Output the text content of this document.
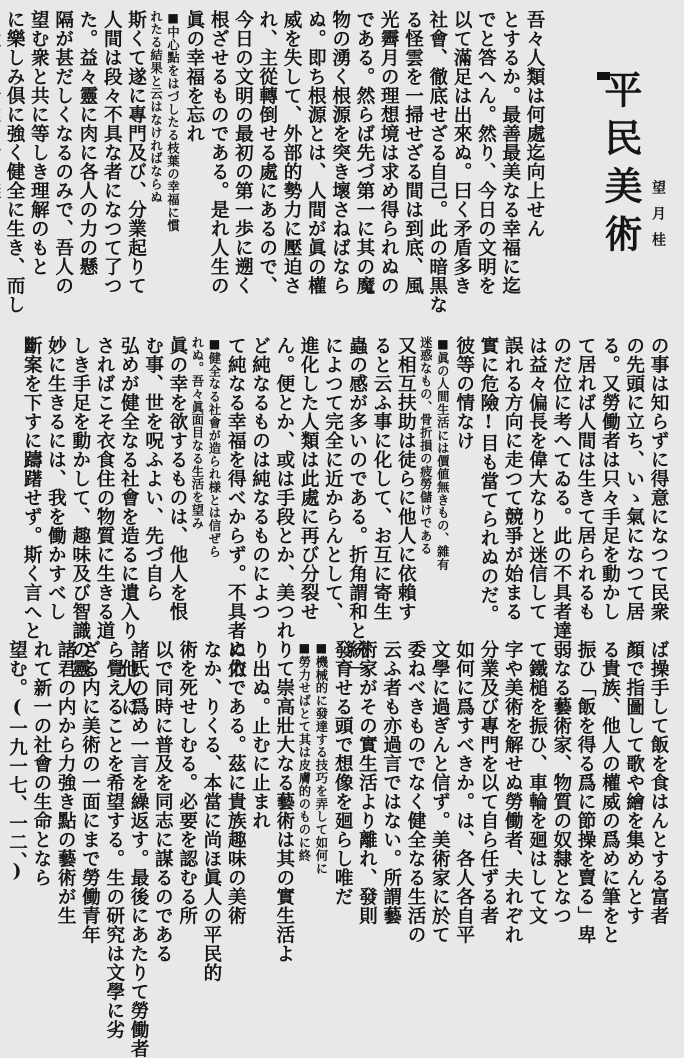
平民美術 望月桂
吾々人類は何處迄向上せん
とするか。最善最美なる幸福に迄
でと答へん。然り、今日の文明を
以て滿足は出來ぬ。曰く矛盾多き
社會、徹底せざる自己。此の暗黒な
る怪雲を一掃せざる間は到底、風
光霽月の理想境は求め得られぬの
である。然らば先づ第一に其の魔
物の湧く根源を突き壞さねばなら
ぬ。即ち根源とは、人間が眞の權
威を失して、外部的勢力に壓迫さ
れ、主從轉倒せる處にあるので、
今日の文明の最初の第一歩に遡く
根ざせるものである。是れ人生の
眞の幸福を忘れ
■中心點をはづしたる枝葉の幸福に慣
れたる結果と云はなければならぬ
斯くて遂に專門及び、分業起りて
人間は段々不具な者になつて了つ
た。益々靈に肉に各人の力の懸
隔が甚だしくなるのみで、吾人の
望む衆と共に等しき理解のもと
に樂しみ倶に強く健全に生き、而し
の事は知らずに得意になつて民衆
の先頭に立ち、いゝ氣になつて居
る。又勞働者は只々手足を動かし
て居れば人間は生きて居られるも
のだ位に考へてゐる。此の不具者達
は益々偏長を偉大なりと迷信して
誤れる方向に走つて競爭が始まる
實に危險!目も當てられぬのだ。
彼等の情なけ
■眞の人間生活には價値無きもの、雜有
迷惑なもの、骨折損の疲勞儲けである
又相互扶助は徒らに他人に依賴す
ると云ふ事に化して、お互に寄生
蟲の感が多いのである。折角謂和と統一
によつて完全に近からんとして、
進化した人類は此處に再び分裂せ
ん。便とか、或は手段とか、美つれ
ど純なるものは純なるものによつ
て純なる幸福を得べからず。不具者に依
■健全なる社會が造られ様とは信ぜら
れぬ。吾々眞面目なる生活を望み
眞の幸を欲するものは、他人を恨
む事、世を呪ふよい、先づ自ら
弘めが健全なる社會を造るに遺入り、他人に
さればこそ衣食住の物質に生きる道
しき手足を動かして、趣味及び智識の靈
妙に生きるには、我を働かすべし
斷案を下すに躊躇せず。斯く言へと
ば操手して飯を食はんとする富者
顏で指圖して歌や繪を集めんとす
る貴族、他人の權威の爲めに筆をと
振ひ「飯を得る爲に節操を賣る」卑
弱なる藝術家、物質の奴隸となつ
て鐵槌を振ひ、車輪を廻はして文
字や美術を解せぬ勞働者、夫れぞれ
分業及び專門を以て自ら任ずる者
如何に爲すべきか。は、各人各自平
文學に過ぎんと信ず。美術家に於て
委ねべきものでなく健全なる生活の
云ふ者も亦過言ではない。所謂藝
術家がその實生活より離れ、發則
發育せる頭で想像を廻らし唯だ
■機械的に發達する技巧を弄して如何に
■勞力せばとて其は皮膚的のものに終
りて崇高壯大なる藝術は其の實生活よ
り出ぬ。止むに止まれ
ぬ力である。茲に貴族趣味の美術
なか、りくる、本當に尚ほ眞人の平民的
術を死せしむる。必要を認むる所
以で同時に普及を同志に謀るのである
諸氏の爲め一言を繰返す。最後にあたりて勞働者
ら覺えることを希望する。生の研究は文學に劣
ざる内に美術の一面にまで勞働青年
諸君の内から力強き點の藝術が生
れて新一の社會の生命となら
望む。(一九一七、一二、)
